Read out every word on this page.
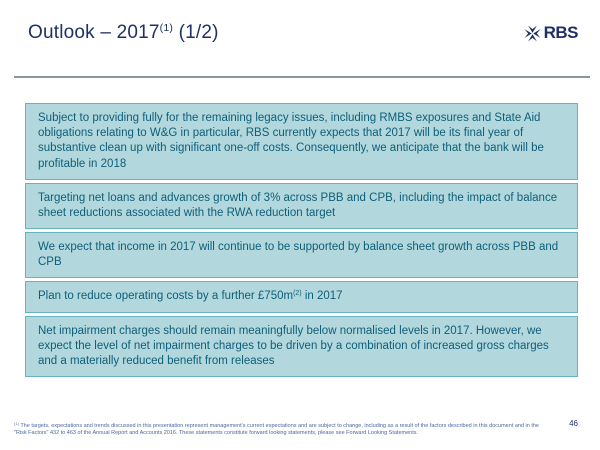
Outlook – 2017$^{(1)}$ (1/2)	RBS
Subject to providing fully for the remaining legacy issues, including RMBS exposures and State Aid obligations relating to W&G in particular, RBS currently expects that 2017 will be its final year of substantive clean up with significant one-off costs. Consequently, we anticipate that the bank will be profitable in 2018
Targeting net loans and advances growth of 3% across PBB and CPB, including the impact of balance sheet reductions associated with the RWA reduction target
We expect that income in 2017 will continue to be supported by balance sheet growth across PBB and CPB
Plan to reduce operating costs by a further $£750m^{(2)}$ in 2017
Net impairment charges should remain meaningfully below normalised levels in 2017. However, we expect the level of net impairment charges to be driven by a combination of increased gross charges and a materially reduced benefit from releases
$^{(1)}$ The targets, expectations and trends discussed in this presentation represent management's current expectations and are subject to change, including as a result of the factors described in this document and in the "Risk Factors" 432 to 463 of the Annual Report and Accounts 2016. These statements constitute forward looking statements, please see Forward Looking Statements.
46
